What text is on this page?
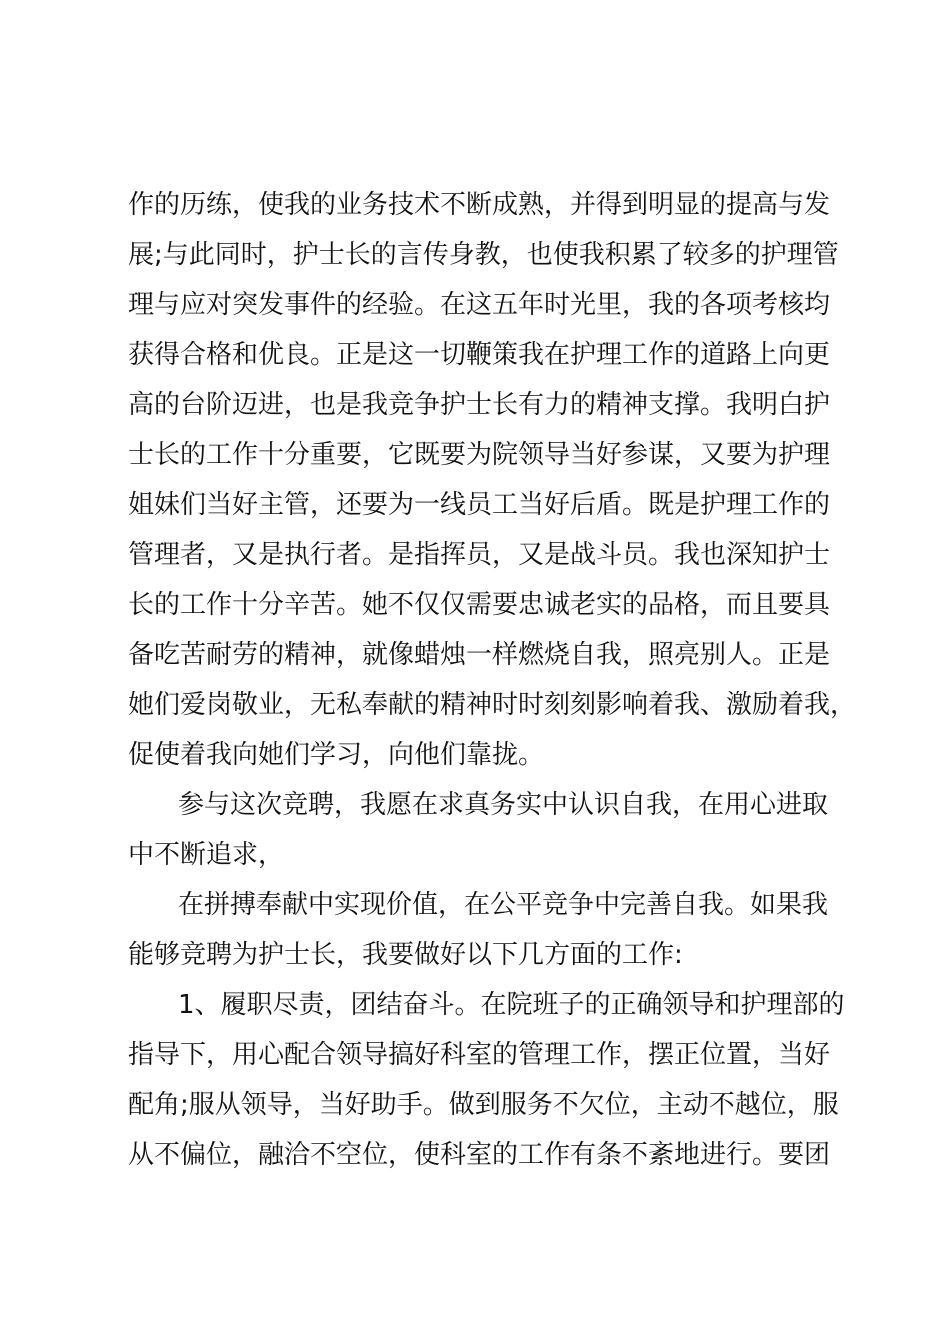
作的历练，使我的业务技术不断成熟，并得到明显的提高与发
展;与此同时，护士长的言传身教，也使我积累了较多的护理管
理与应对突发事件的经验。在这五年时光里，我的各项考核均
获得合格和优良。正是这一切鞭策我在护理工作的道路上向更
高的台阶迈进，也是我竞争护士长有力的精神支撑。我明白护
士长的工作十分重要，它既要为院领导当好参谋，又要为护理
姐妹们当好主管，还要为一线员工当好后盾。既是护理工作的
管理者，又是执行者。是指挥员，又是战斗员。我也深知护士
长的工作十分辛苦。她不仅仅需要忠诚老实的品格，而且要具
备吃苦耐劳的精神，就像蜡烛一样燃烧自我，照亮别人。正是
她们爱岗敬业，无私奉献的精神时时刻刻影响着我、激励着我，
促使着我向她们学习，向他们靠拢。
参与这次竞聘，我愿在求真务实中认识自我，在用心进取
中不断追求，
在拼搏奉献中实现价值，在公平竞争中完善自我。如果我
能够竞聘为护士长，我要做好以下几方面的工作:
1、履职尽责，团结奋斗。在院班子的正确领导和护理部的
指导下，用心配合领导搞好科室的管理工作，摆正位置，当好
配角;服从领导，当好助手。做到服务不欠位，主动不越位，服
从不偏位，融洽不空位，使科室的工作有条不紊地进行。要团
